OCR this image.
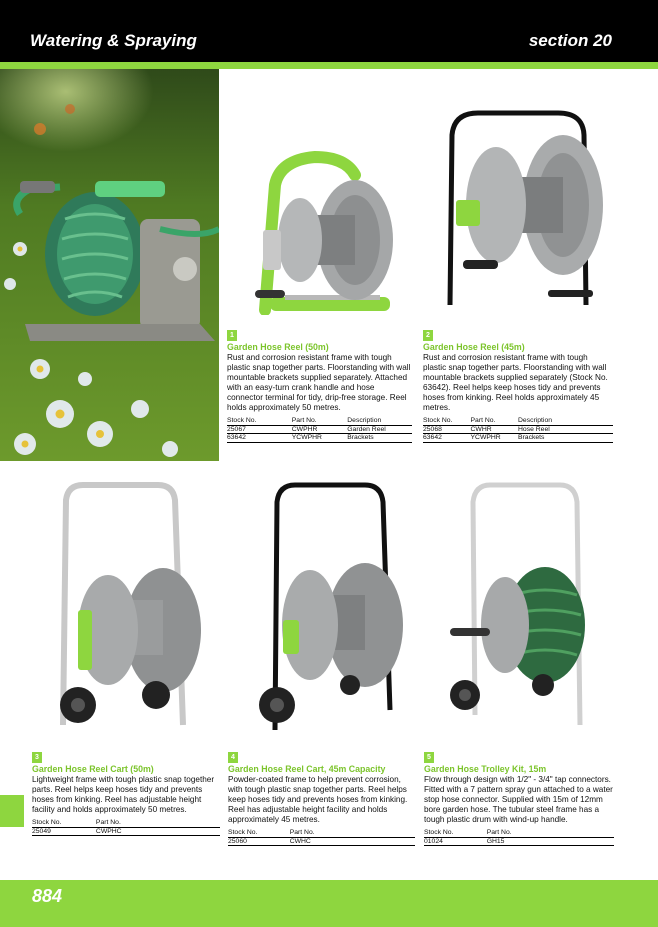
Watering & Spraying	section 20
1
Garden Hose Reel (50m)
Rust and corrosion resistant frame with tough plastic snap together parts. Floorstanding with wall mountable brackets supplied separately. Attached with an easy-turn crank handle and hose connector terminal for tidy, drip-free storage. Reel holds approximately 50 metres.
Stock No.	Part No.	Description
25067	CWPHR	Garden Reel
63642	YCWPHR	Brackets
2
Garden Hose Reel (45m)
Rust and corrosion resistant frame with tough plastic snap together parts. Floorstanding with wall mountable brackets supplied separately (Stock No. 63642). Reel helps keep hoses tidy and prevents hoses from kinking. Reel holds approximately 45 metres.
Stock No.	Part No.	Description
25068	CWHR	Hose Reel
63642	YCWPHR	Brackets
3
Garden Hose Reel Cart (50m)
Lightweight frame with tough plastic snap together parts. Reel helps keep hoses tidy and prevents hoses from kinking. Reel has adjustable height facility and holds approximately 50 metres.
Stock No.	Part No.
25049	CWPHC
4
Garden Hose Reel Cart, 45m Capacity
Powder-coated frame to help prevent corrosion, with tough plastic snap together parts. Reel helps keep hoses tidy and prevents hoses from kinking. Reel has adjustable height facility and holds approximately 45 metres.
Stock No.	Part No.
25060	CWHC
5
Garden Hose Trolley Kit, 15m
Flow through design with 1/2" - 3/4" tap connectors. Fitted with a 7 pattern spray gun attached to a water stop hose connector. Supplied with 15m of 12mm bore garden hose. The tubular steel frame has a tough plastic drum with wind-up handle.
Stock No.	Part No.
01024	GH15
884
